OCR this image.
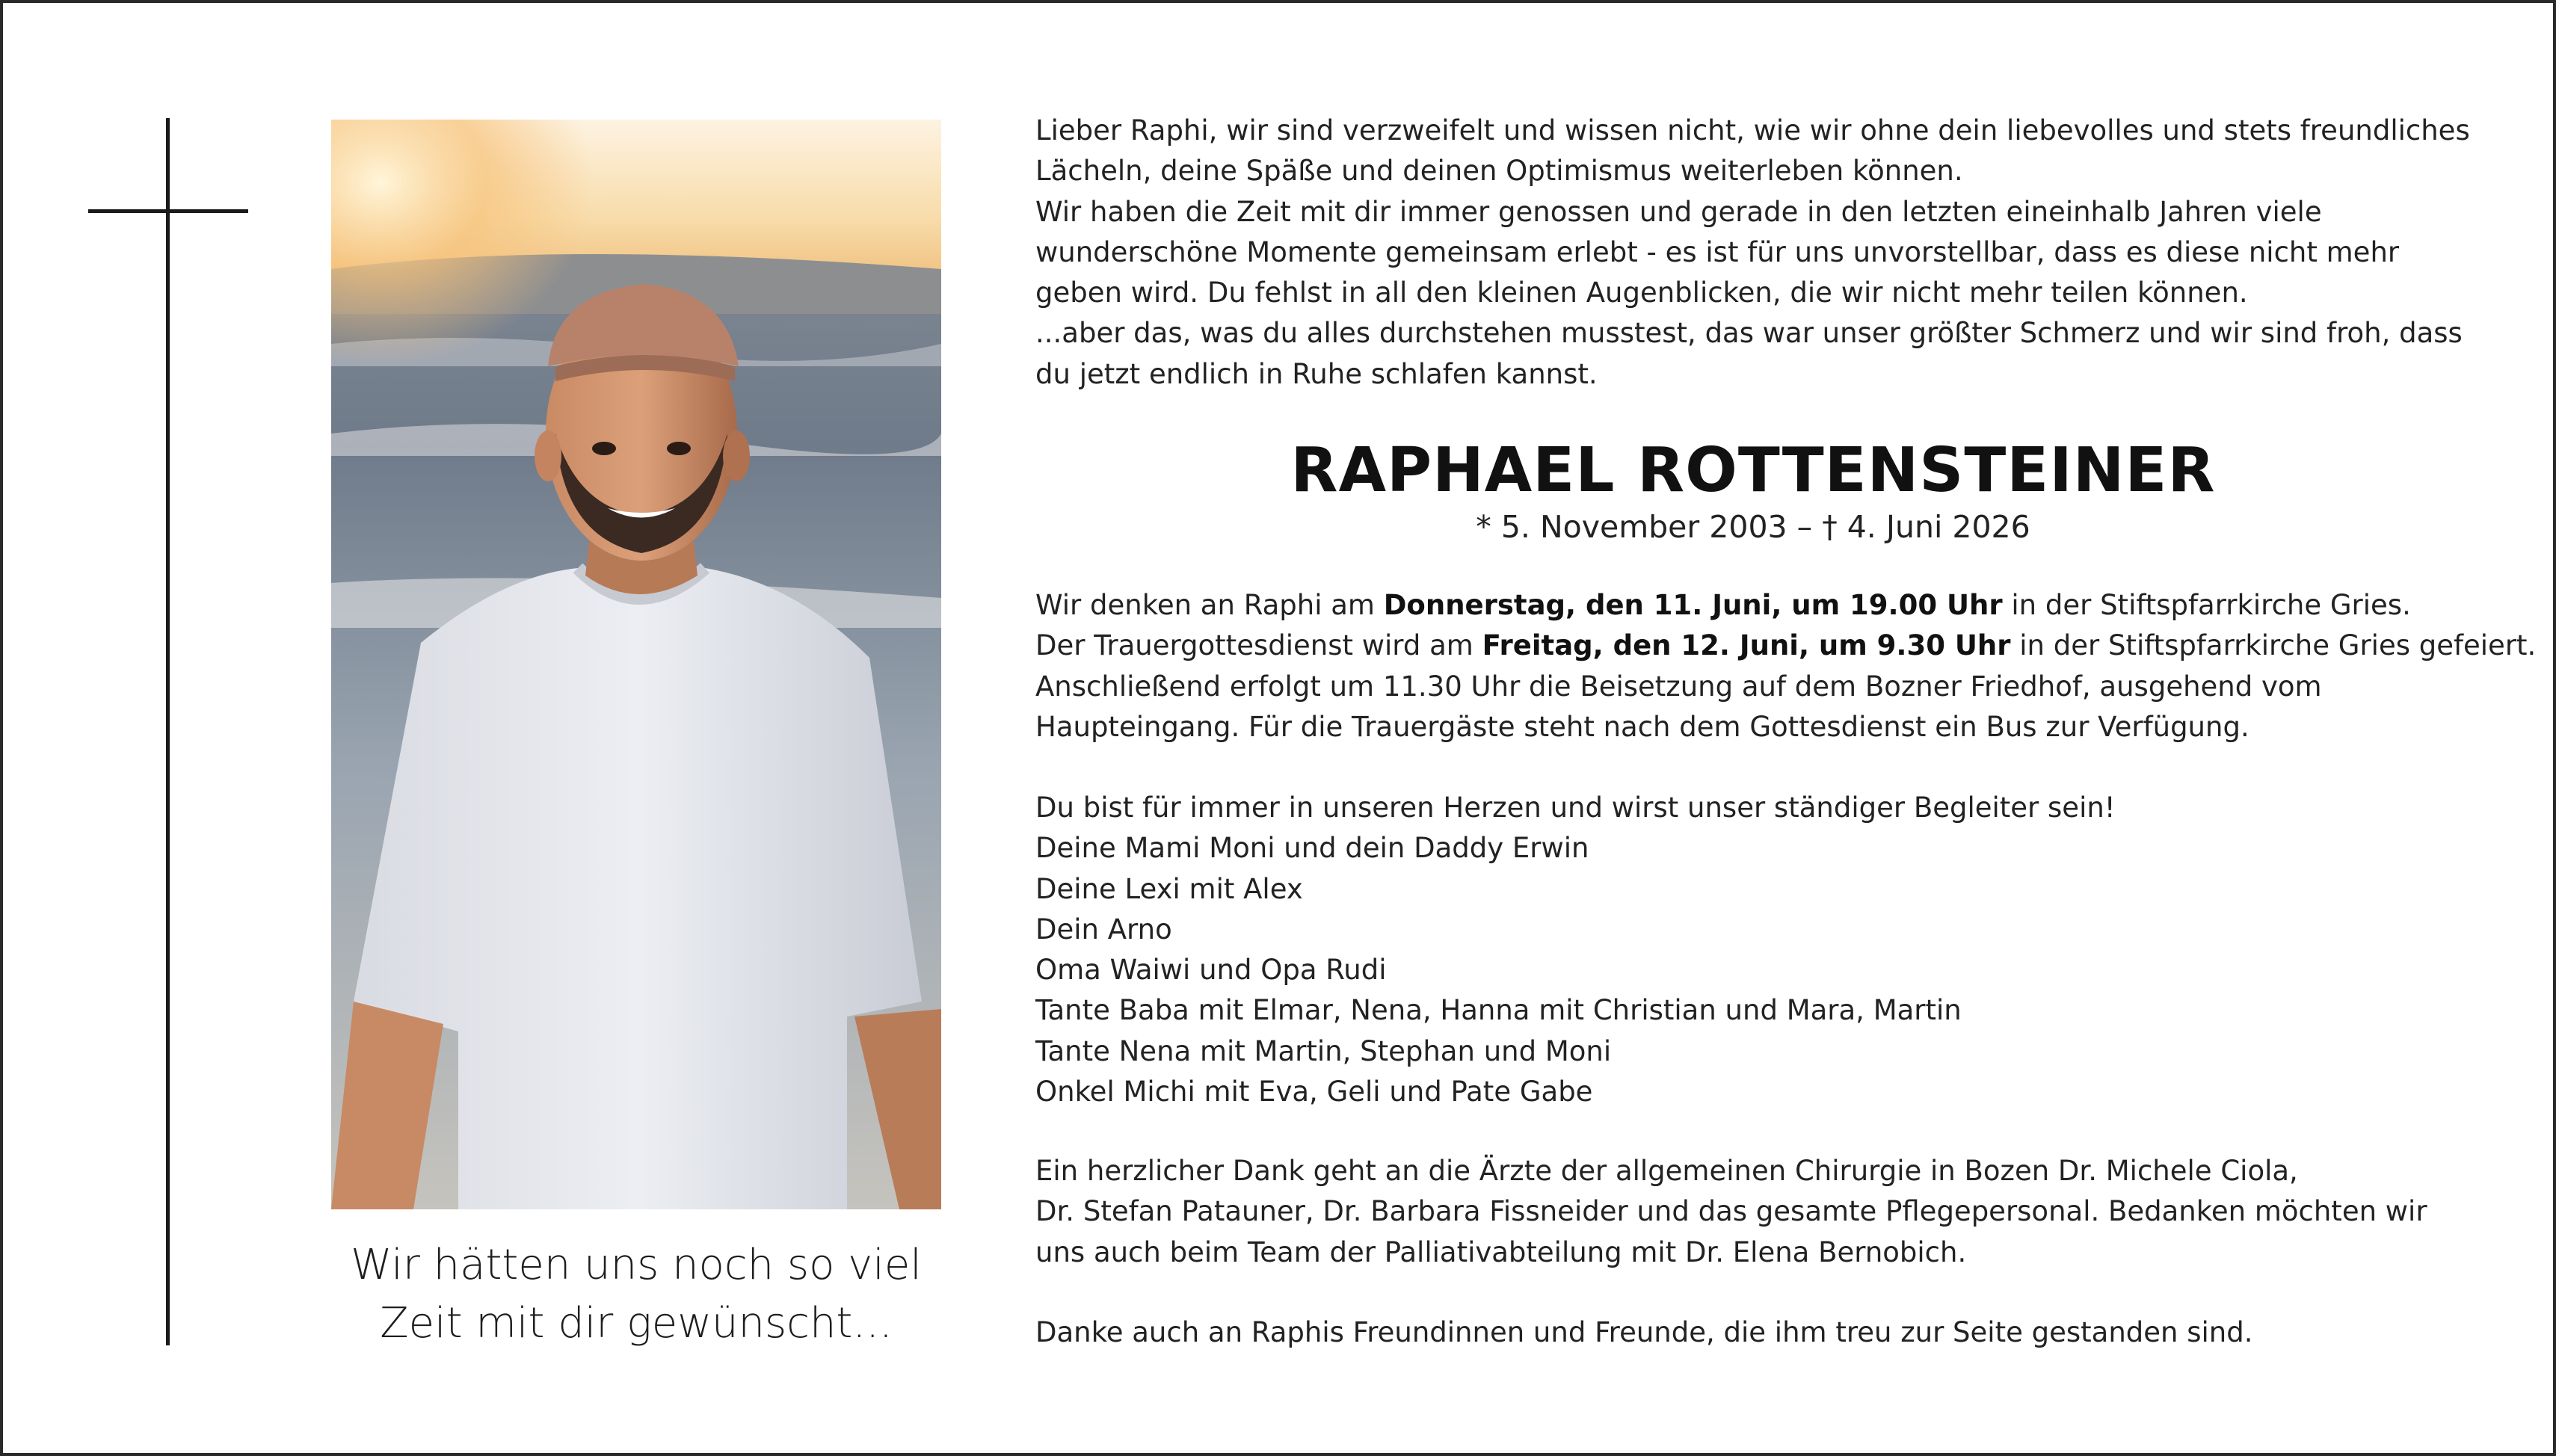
Wir hätten uns noch so viel
Zeit mit dir gewünscht...
Lieber Raphi, wir sind verzweifelt und wissen nicht, wie wir ohne dein liebevolles und stets freundliches
Lächeln, deine Späße und deinen Optimismus weiterleben können.
Wir haben die Zeit mit dir immer genossen und gerade in den letzten eineinhalb Jahren viele
wunderschöne Momente gemeinsam erlebt - es ist für uns unvorstellbar, dass es diese nicht mehr
geben wird. Du fehlst in all den kleinen Augenblicken, die wir nicht mehr teilen können.
...aber das, was du alles durchstehen musstest, das war unser größter Schmerz und wir sind froh, dass
du jetzt endlich in Ruhe schlafen kannst.
RAPHAEL ROTTENSTEINER
* 5. November 2003 – † 4. Juni 2026
Wir denken an Raphi am Donnerstag, den 11. Juni, um 19.00 Uhr in der Stiftspfarrkirche Gries.
Der Trauergottesdienst wird am Freitag, den 12. Juni, um 9.30 Uhr in der Stiftspfarrkirche Gries gefeiert.
Anschließend erfolgt um 11.30 Uhr die Beisetzung auf dem Bozner Friedhof, ausgehend vom
Haupteingang. Für die Trauergäste steht nach dem Gottesdienst ein Bus zur Verfügung.
Du bist für immer in unseren Herzen und wirst unser ständiger Begleiter sein!
Deine Mami Moni und dein Daddy Erwin
Deine Lexi mit Alex
Dein Arno
Oma Waiwi und Opa Rudi
Tante Baba mit Elmar, Nena, Hanna mit Christian und Mara, Martin
Tante Nena mit Martin, Stephan und Moni
Onkel Michi mit Eva, Geli und Pate Gabe
Ein herzlicher Dank geht an die Ärzte der allgemeinen Chirurgie in Bozen Dr. Michele Ciola,
Dr. Stefan Patauner, Dr. Barbara Fissneider und das gesamte Pflegepersonal. Bedanken möchten wir
uns auch beim Team der Palliativabteilung mit Dr. Elena Bernobich.
Danke auch an Raphis Freundinnen und Freunde, die ihm treu zur Seite gestanden sind.
